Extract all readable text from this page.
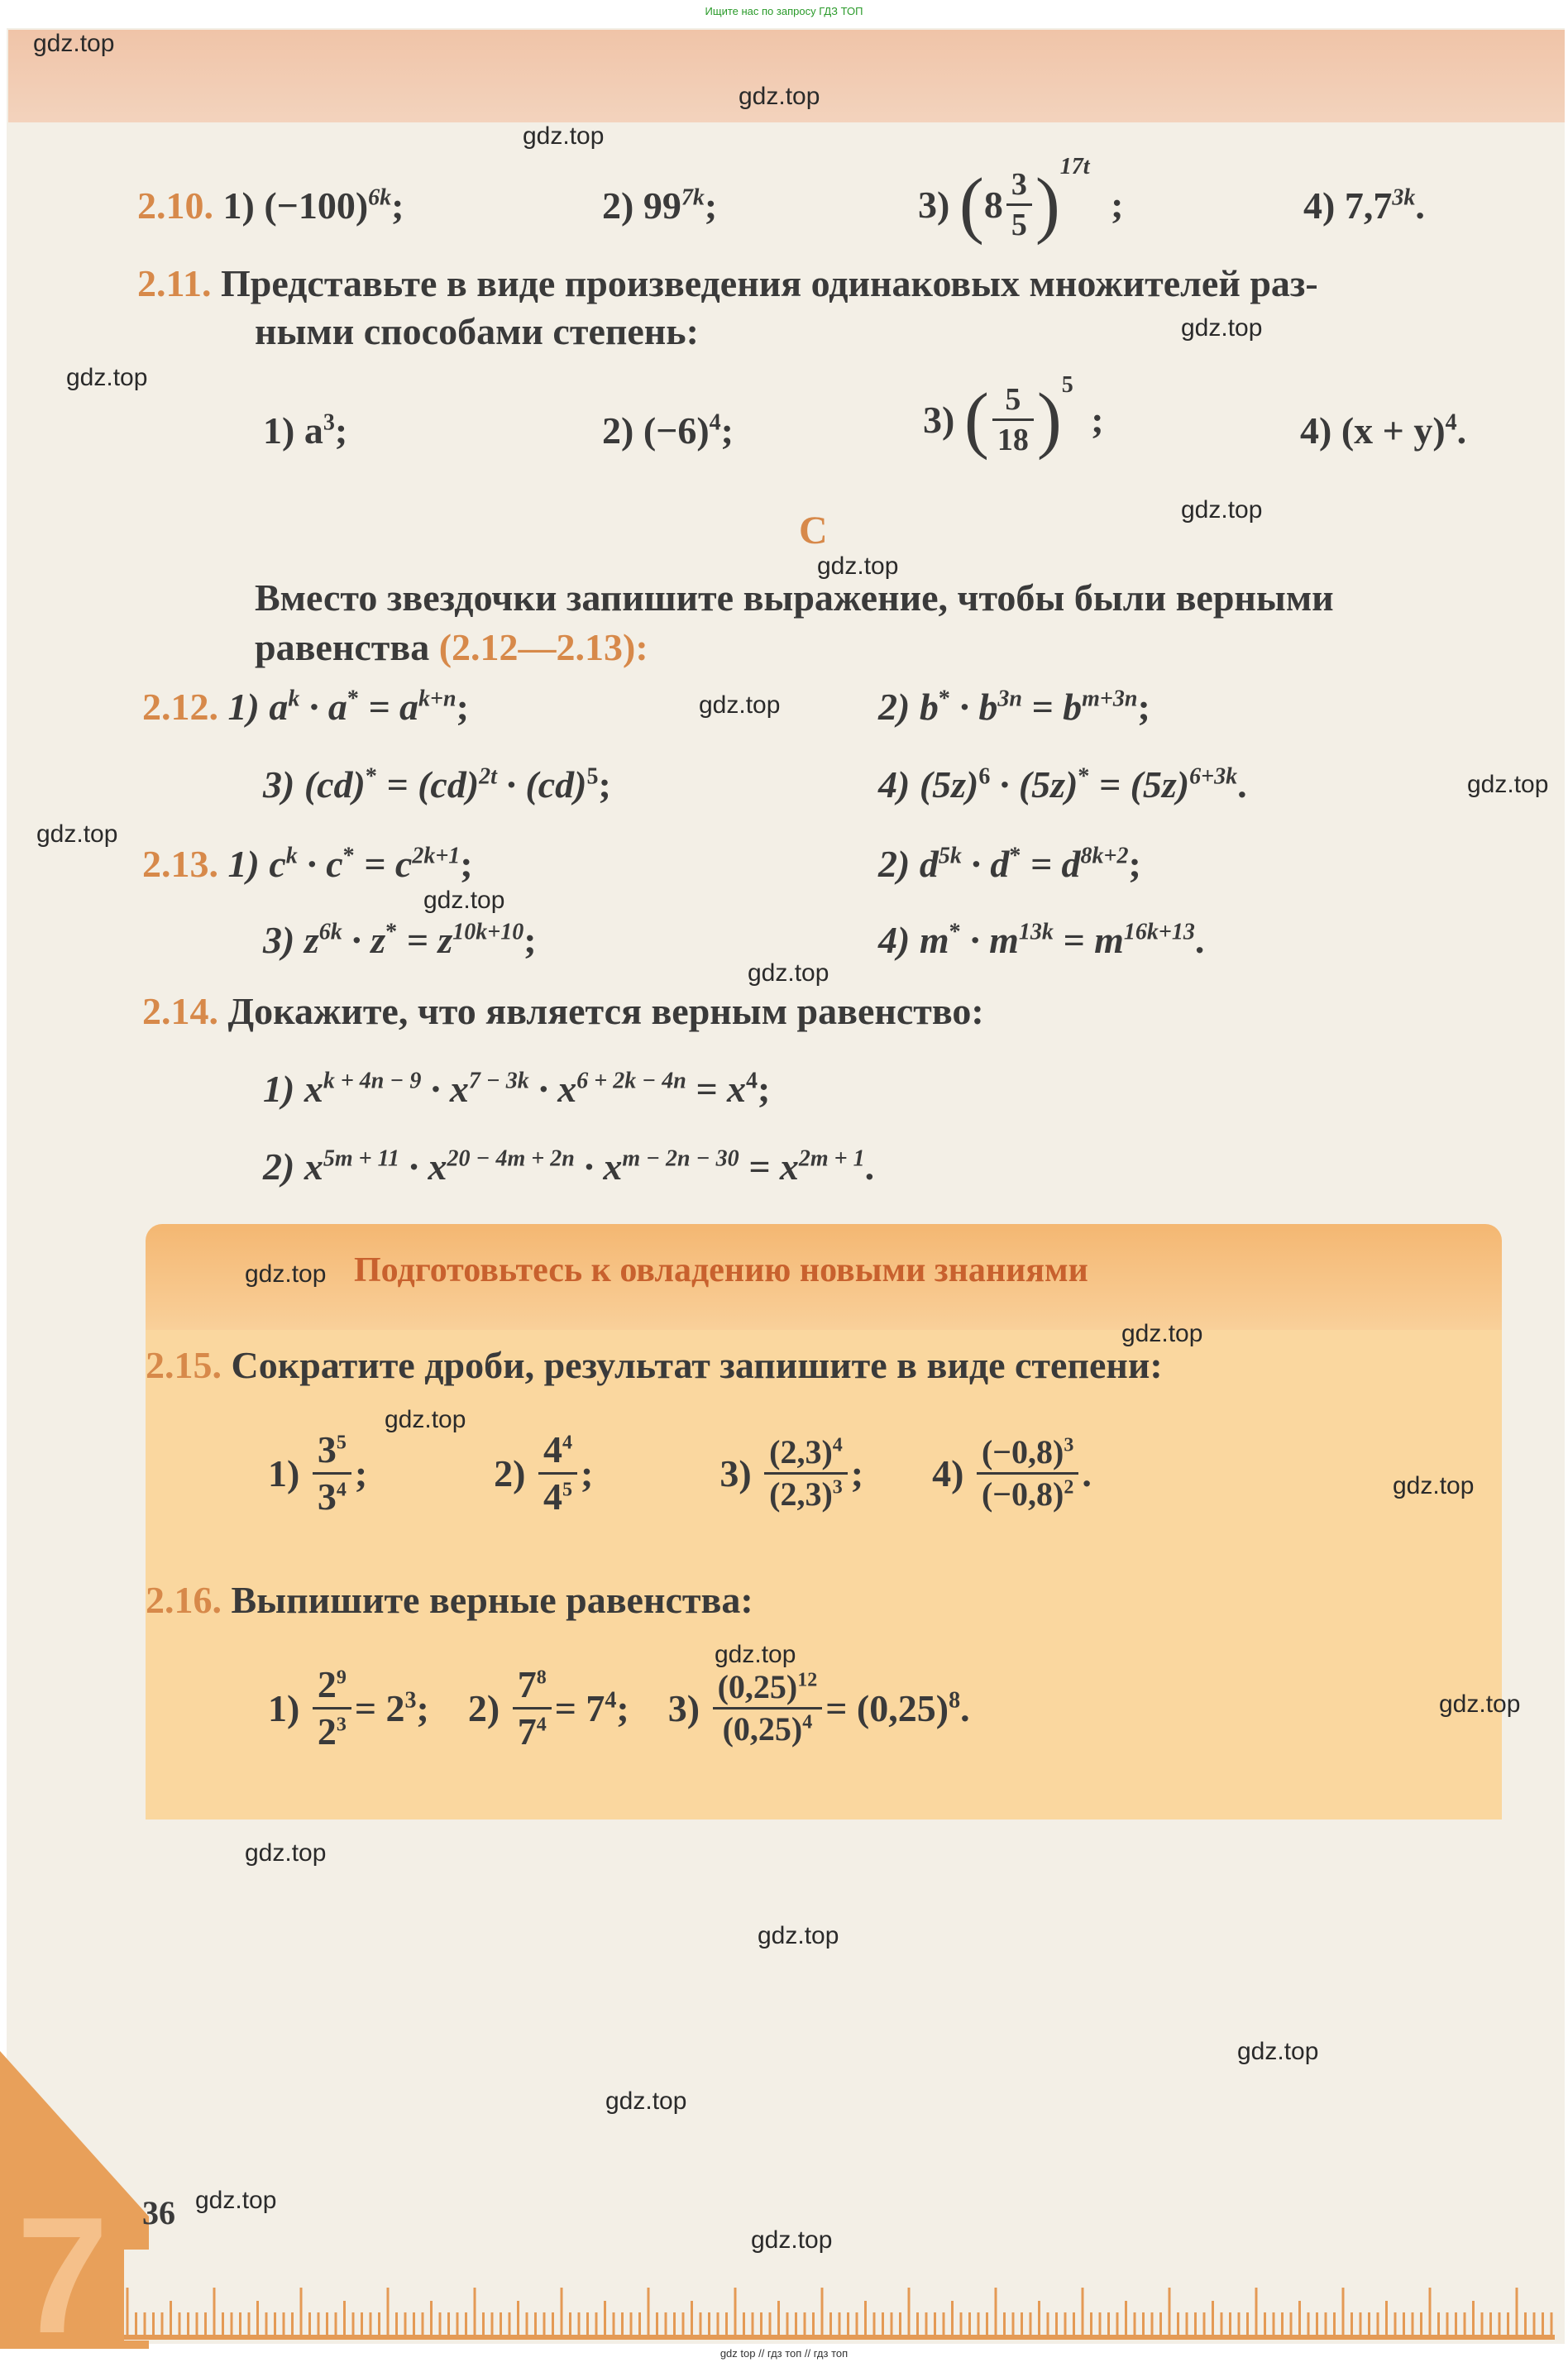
Ищите нас по запросу ГДЗ ТОП
2.10. 1) $(-100)^{6k}$;	2) $99^{7k}$;	3) $(8 \frac{3}{5} )^{17t}$ ;	4) $7,7^{3k}$.
2.11. Представьте в виде произведения одинаковых множителей раз-
ными способами степень:
1) $a^3$;	2) $(-6)^4$;	3) ( $\frac{5}{18} )^5$ ;	4) $(x + y)^4$.
C
Вместо звездочки запишите выражение, чтобы были верными
равенства (2.12—2.13):
2.12. 1) $a^k \cdot a^* = a^{k+n}$;	2) $b^* \cdot b^{3n} = b^{m+3n}$;
3) (cd)* = (cd)$^{2t}$ · (cd)$^5$;	4) $(5z)^6 \cdot (5z)^* = (5z)^{6+3k}$.
2.13. 1) $c^k \cdot c^* = c^{2k+1}$;	2) $d^{5k} \cdot d^* = d^{8k+2}$;
3) $z^{6k} \cdot z^* = z^{10k+10}$;	4) $m^* \cdot m^{13k} = m^{16k+13}$.
2.14. Докажите, что является верным равенство:
1) $x^{k + 4n - 9} \cdot x^{7 - 3k} \cdot x^{6 + 2k - 4n} = x^4$;
2) $x^{5m + 11} \cdot x^{20 - 4m + 2n} \cdot x^{m - 2n - 30} = x^{2m + 1}$.
Подготовьтесь к овладению новыми знаниями
2.15. Сократите дроби, результат запишите в виде степени:
$1) \frac{3^5}{3^4}$ ;	$2) \frac{4^4}{4^5}$ ;	$3) \frac{(2,3)^4}{(2,3)^3}$ ; $4) \frac{(-0,8)^3}{(-0,8)^2}$ .
2.16. Выпишите верные равенства:
$1) \frac{2^9}{2^3} = 2^3$; $2) \frac{7^8}{7^4} = 7^4$; $3) \frac{(0,25)^{12}}{(0,25)^4} = (0,25)^8$.
7 36
gdz.top
gdz.top
gdz.top
gdz.top
gdz.top
gdz.top
gdz.top
gdz.top
gdz.top
gdz.top
gdz.top
gdz.top
gdz.top
gdz.top
gdz.top
gdz.top
gdz.top
gdz.top
gdz.top
gdz.top
gdz.top
gdz.top
gdz.top
gdz.top
gdz top // гдз топ // гдз топ
